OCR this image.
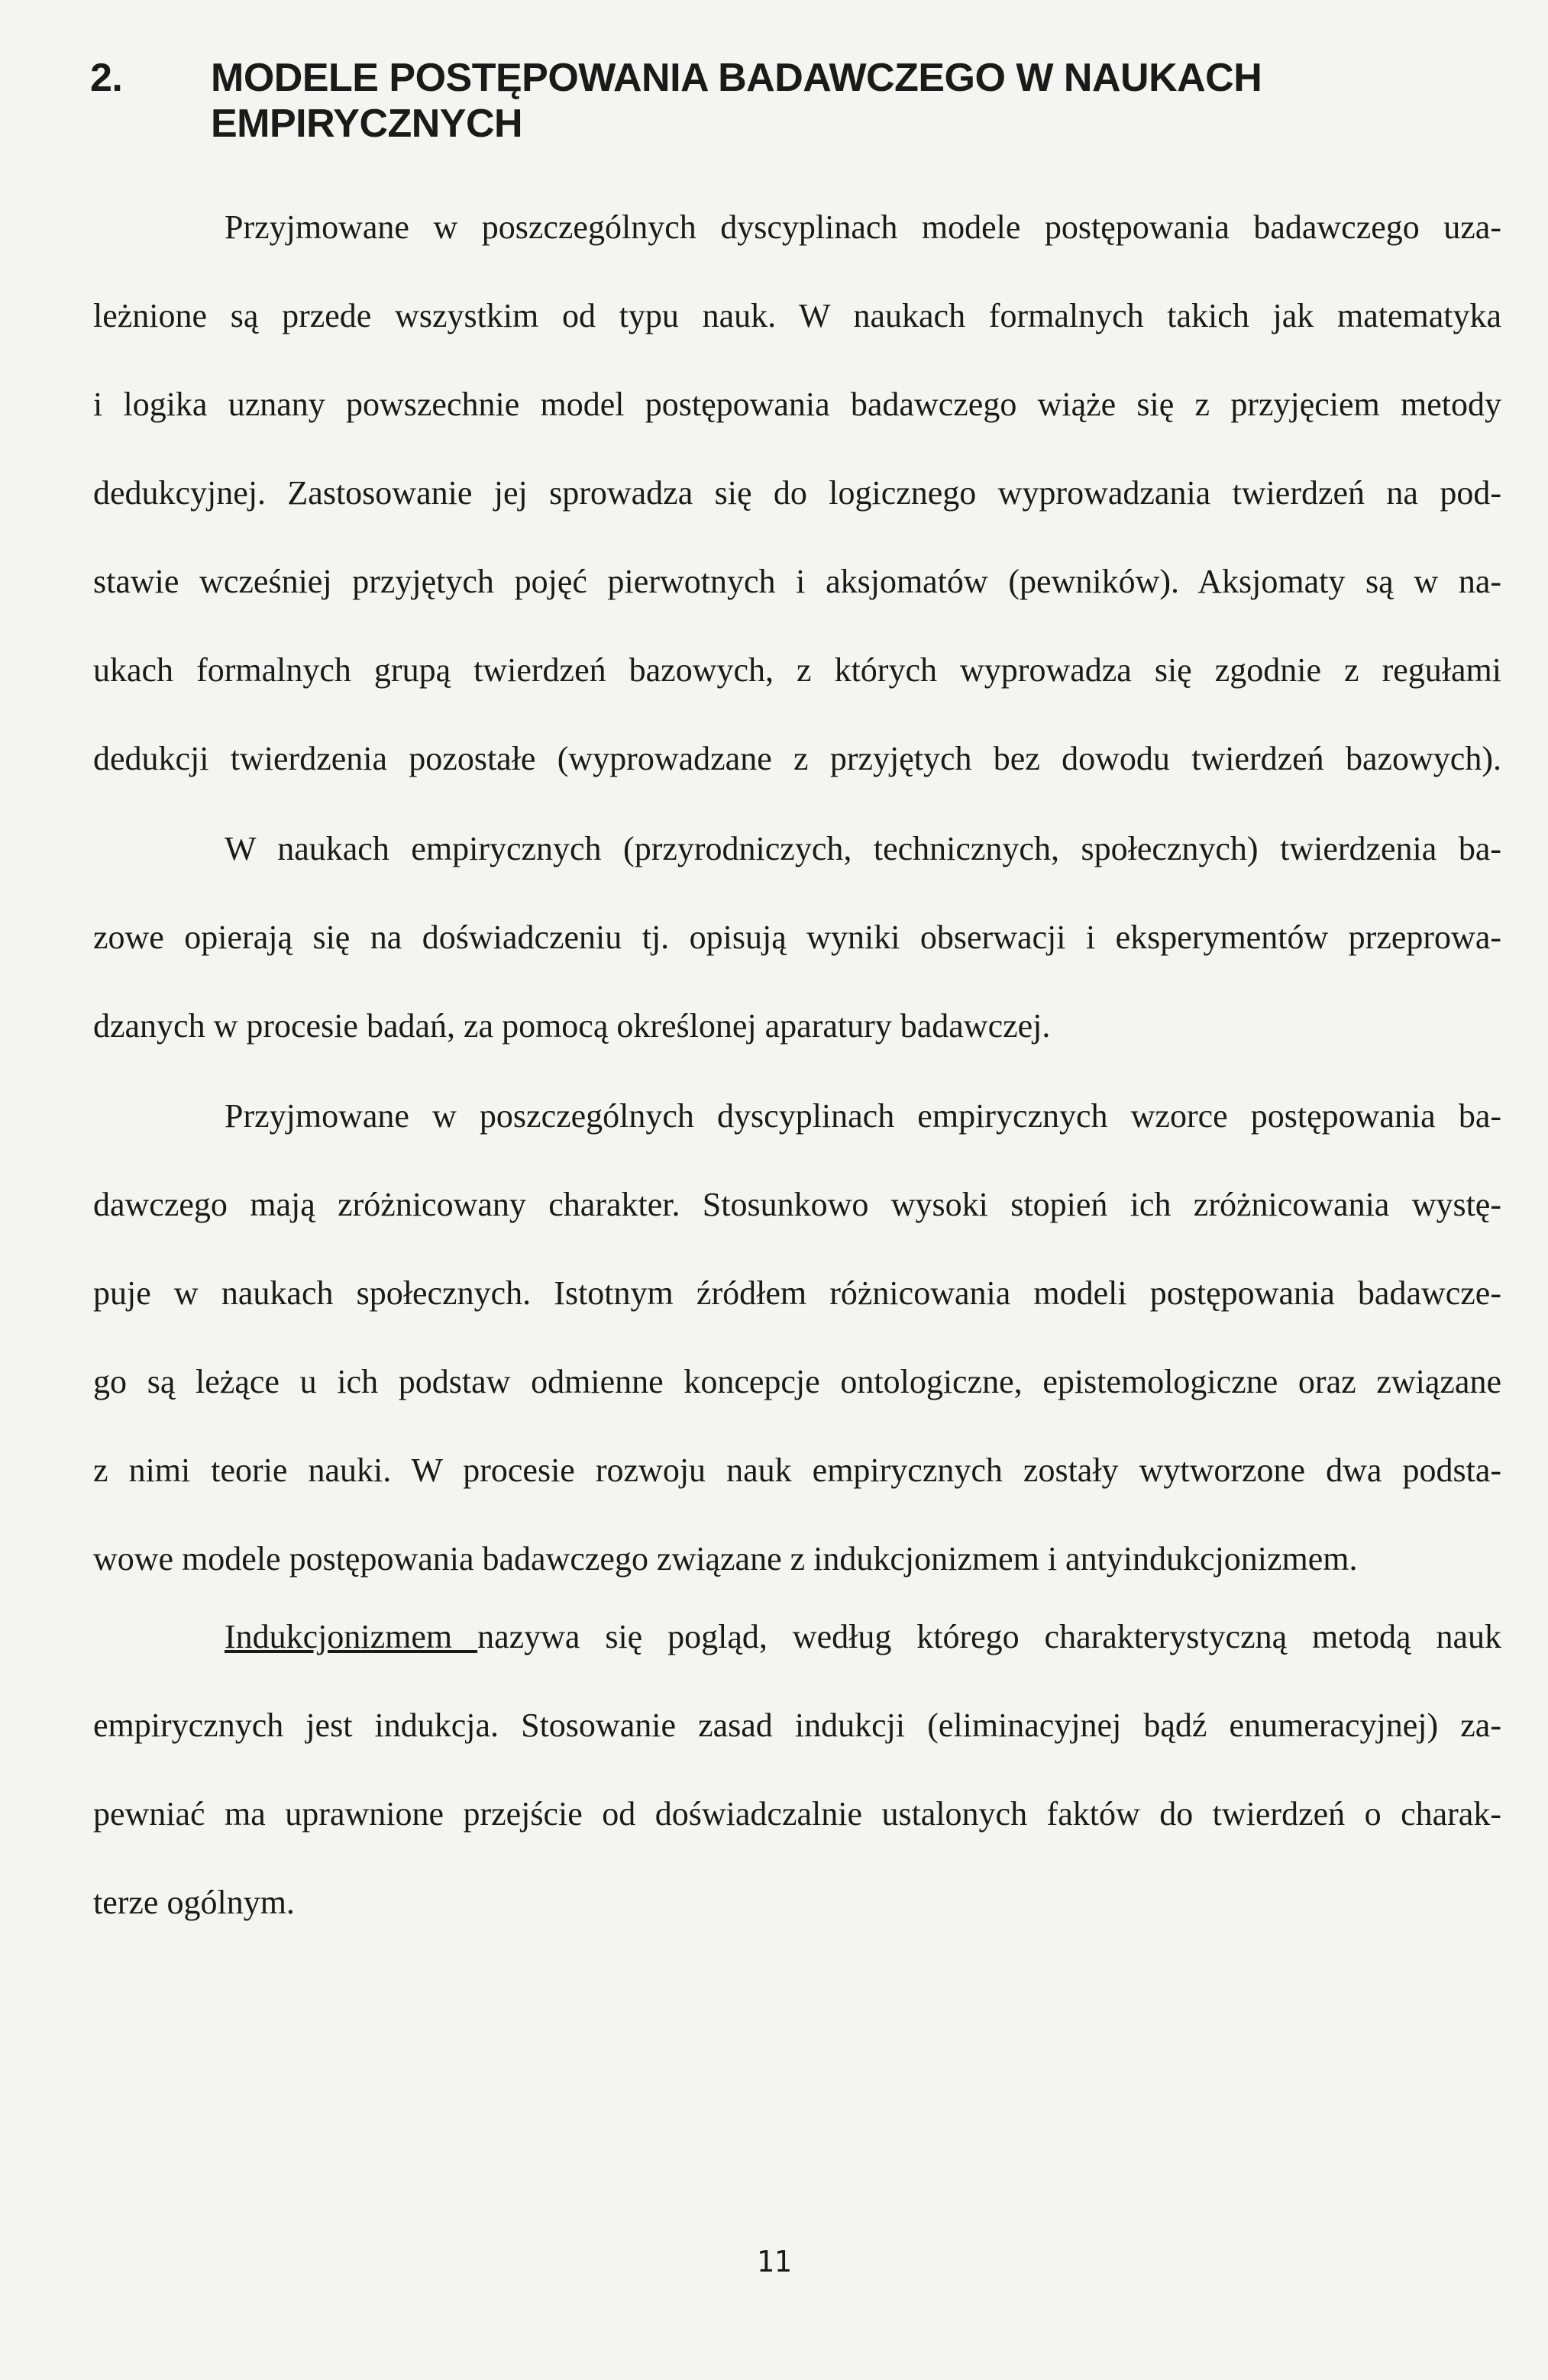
2. MODELE POSTĘPOWANIA BADAWCZEGO W NAUKACH
EMPIRYCZNYCH
Przyjmowane w poszczególnych dyscyplinach modele postępowania badawczego uza-
leżnione są przede wszystkim od typu nauk. W naukach formalnych takich jak matematyka
i logika uznany powszechnie model postępowania badawczego wiąże się z przyjęciem metody
dedukcyjnej. Zastosowanie jej sprowadza się do logicznego wyprowadzania twierdzeń na pod-
stawie wcześniej przyjętych pojęć pierwotnych i aksjomatów (pewników). Aksjomaty są w na-
ukach formalnych grupą twierdzeń bazowych, z których wyprowadza się zgodnie z regułami
dedukcji twierdzenia pozostałe (wyprowadzane z przyjętych bez dowodu twierdzeń bazowych).
W naukach empirycznych (przyrodniczych, technicznych, społecznych) twierdzenia ba-
zowe opierają się na doświadczeniu tj. opisują wyniki obserwacji i eksperymentów przeprowa-
dzanych w procesie badań, za pomocą określonej aparatury badawczej.
Przyjmowane w poszczególnych dyscyplinach empirycznych wzorce postępowania ba-
dawczego mają zróżnicowany charakter. Stosunkowo wysoki stopień ich zróżnicowania wystę-
puje w naukach społecznych. Istotnym źródłem różnicowania modeli postępowania badawcze-
go są leżące u ich podstaw odmienne koncepcje ontologiczne, epistemologiczne oraz związane
z nimi teorie nauki. W procesie rozwoju nauk empirycznych zostały wytworzone dwa podsta-
wowe modele postępowania badawczego związane z indukcjonizmem i antyindukcjonizmem.
Indukcjonizmem nazywa się pogląd, według którego charakterystyczną metodą nauk
empirycznych jest indukcja. Stosowanie zasad indukcji (eliminacyjnej bądź enumeracyjnej) za-
pewniać ma uprawnione przejście od doświadczalnie ustalonych faktów do twierdzeń o charak-
terze ogólnym.
11
